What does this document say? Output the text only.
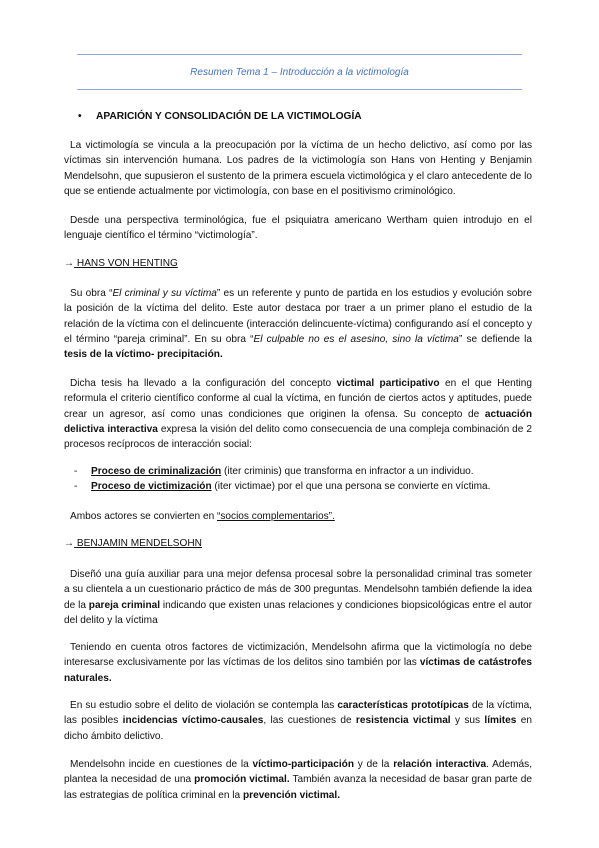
Resumen Tema 1 – Introducción a la victimología
• APARICIÓN Y CONSOLIDACIÓN DE LA VICTIMOLOGÍA
La victimología se vincula a la preocupación por la víctima de un hecho delictivo, así como por las víctimas sin intervención humana. Los padres de la victimología son Hans von Henting y Benjamin Mendelsohn, que supusieron el sustento de la primera escuela victimológica y el claro antecedente de lo que se entiende actualmente por victimología, con base en el positivismo criminológico.
Desde una perspectiva terminológica, fue el psiquiatra americano Wertham quien introdujo en el lenguaje científico el término “victimología”.
→ HANS VON HENTING
Su obra “El criminal y su víctima” es un referente y punto de partida en los estudios y evolución sobre la posición de la víctima del delito. Este autor destaca por traer a un primer plano el estudio de la relación de la víctima con el delincuente (interacción delincuente-víctima) configurando así el concepto y el término “pareja criminal”. En su obra “El culpable no es el asesino, sino la víctima” se defiende la tesis de la víctimo- precipitación.
Dicha tesis ha llevado a la configuración del concepto victimal participativo en el que Henting reformula el criterio científico conforme al cual la víctima, en función de ciertos actos y aptitudes, puede crear un agresor, así como unas condiciones que originen la ofensa. Su concepto de actuación delictiva interactiva expresa la visión del delito como consecuencia de una compleja combinación de 2 procesos recíprocos de interacción social:
- Proceso de criminalización (iter criminis) que transforma en infractor a un individuo.
- Proceso de victimización (iter victimae) por el que una persona se convierte en víctima.
Ambos actores se convierten en “socios complementarios”.
→ BENJAMIN MENDELSOHN
Diseñó una guía auxiliar para una mejor defensa procesal sobre la personalidad criminal tras someter a su clientela a un cuestionario práctico de más de 300 preguntas. Mendelsohn también defiende la idea de la pareja criminal indicando que existen unas relaciones y condiciones biopsicológicas entre el autor del delito y la víctima
Teniendo en cuenta otros factores de victimización, Mendelsohn afirma que la victimología no debe interesarse exclusivamente por las víctimas de los delitos sino también por las víctimas de catástrofes naturales.
En su estudio sobre el delito de violación se contempla las características prototípicas de la víctima, las posibles incidencias víctimo-causales, las cuestiones de resistencia victimal y sus límites en dicho ámbito delictivo.
Mendelsohn incide en cuestiones de la víctimo-participación y de la relación interactiva. Además, plantea la necesidad de una promoción victimal. También avanza la necesidad de basar gran parte de las estrategias de política criminal en la prevención victimal.
